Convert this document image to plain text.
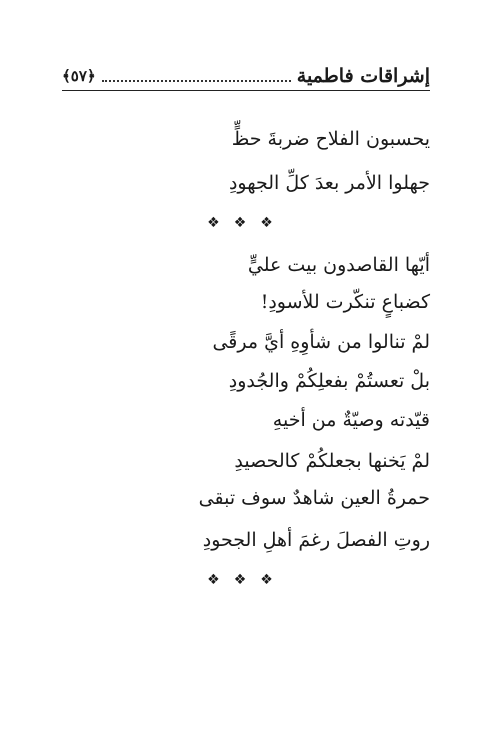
إشراقات فاطمية
﴿٥٧﴾
يحسبون الفلاح ضربةَ حظٍّ
جهلوا الأمر بعدَ كلِّ الجهودِ
❖ ❖ ❖
أيّها القاصدون بيت عليٍّ
كضباعٍ تنكّرت للأسودِ!
لمْ تنالوا من شأوِهِ أيَّ مرقًى
بلْ تعستُمْ بفعلِكُمْ والجُدودِ
قيّدته وصيّةٌ من أخيهِ
لمْ يَخنها بجعلكُمْ كالحصيدِ
حمرةُ العين شاهدٌ سوف تبقى
روتِ الفصلَ رغمَ أهلِ الجحودِ
❖ ❖ ❖
